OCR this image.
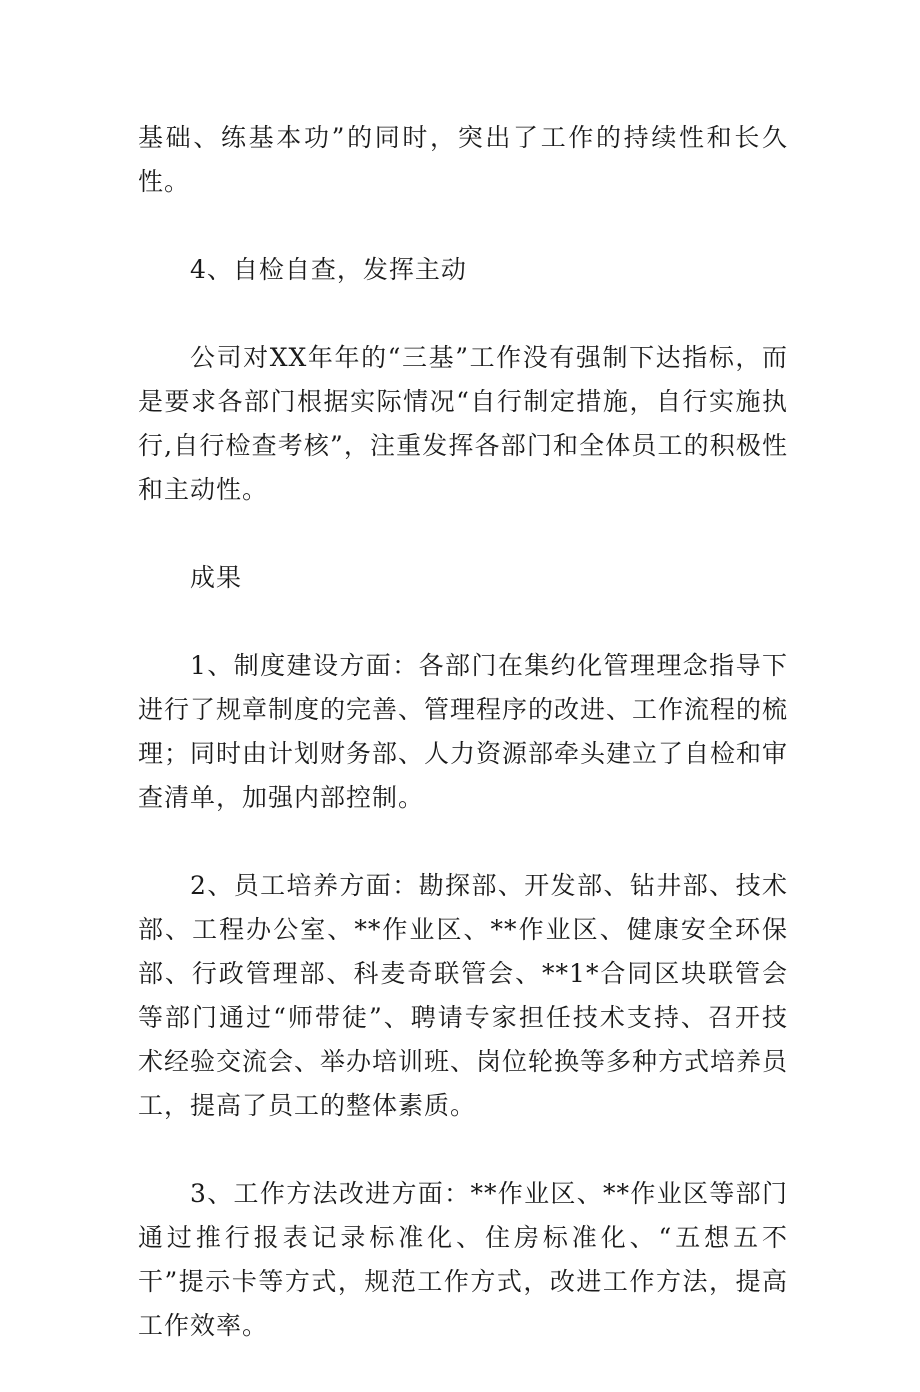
基础、练基本功”的同时，突出了工作的持续性和长久性。

4、自检自查，发挥主动

公司对XX年年的“三基”工作没有强制下达指标，而是要求各部门根据实际情况“自行制定措施，自行实施执行,自行检查考核”，注重发挥各部门和全体员工的积极性和主动性。

成果

1、制度建设方面：各部门在集约化管理理念指导下进行了规章制度的完善、管理程序的改进、工作流程的梳理；同时由计划财务部、人力资源部牵头建立了自检和审查清单，加强内部控制。

2、员工培养方面：勘探部、开发部、钻井部、技术部、工程办公室、**作业区、**作业区、健康安全环保部、行政管理部、科麦奇联管会、**1*合同区块联管会等部门通过“师带徒”、聘请专家担任技术支持、召开技术经验交流会、举办培训班、岗位轮换等多种方式培养员工，提高了员工的整体素质。

3、工作方法改进方面：**作业区、**作业区等部门通过推行报表记录标准化、住房标准化、“五想五不干”提示卡等方式，规范工作方式，改进工作方法，提高工作效率。
